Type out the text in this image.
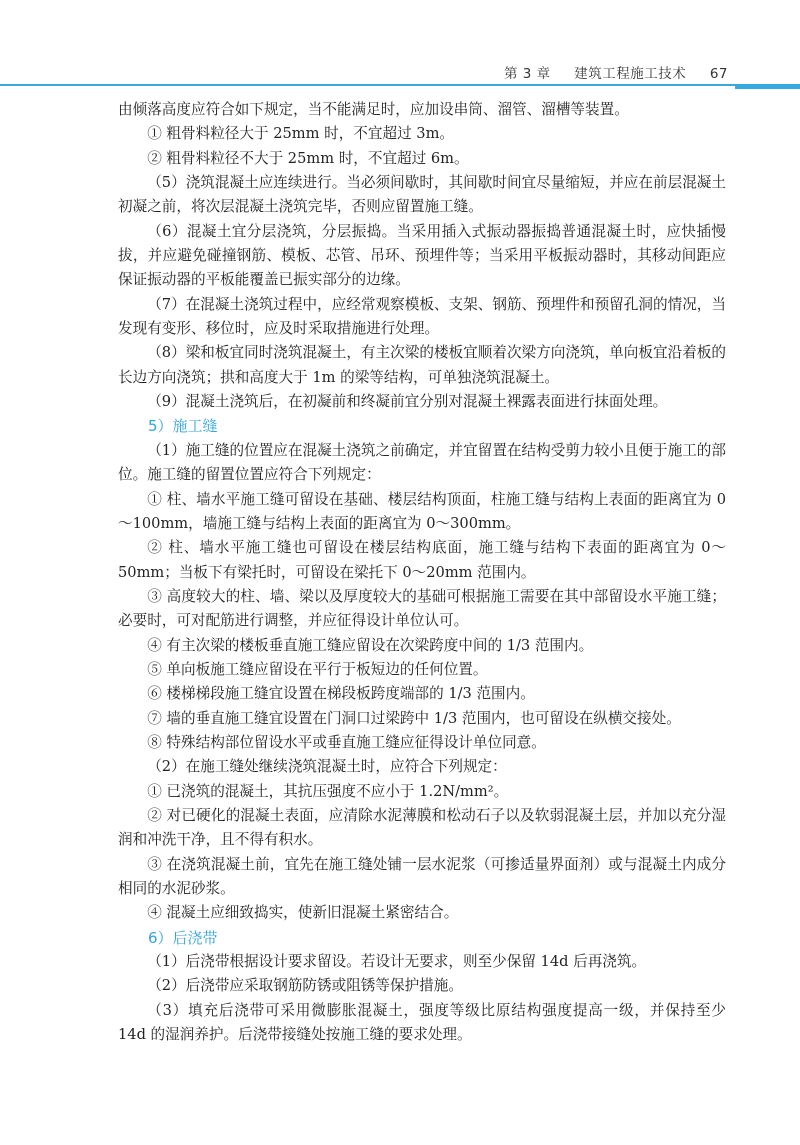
第 3 章 建筑工程施工技术 67

由倾落高度应符合如下规定，当不能满足时，应加设串筒、溜管、溜槽等装置。

① 粗骨料粒径大于 25mm 时，不宜超过 3m。

② 粗骨料粒径不大于 25mm 时，不宜超过 6m。

（5）浇筑混凝土应连续进行。当必须间歇时，其间歇时间宜尽量缩短，并应在前层混凝土初凝之前，将次层混凝土浇筑完毕，否则应留置施工缝。

（6）混凝土宜分层浇筑，分层振捣。当采用插入式振动器振捣普通混凝土时，应快插慢拔，并应避免碰撞钢筋、模板、芯管、吊环、预埋件等；当采用平板振动器时，其移动间距应保证振动器的平板能覆盖已振实部分的边缘。

（7）在混凝土浇筑过程中，应经常观察模板、支架、钢筋、预埋件和预留孔洞的情况，当发现有变形、移位时，应及时采取措施进行处理。

（8）梁和板宜同时浇筑混凝土，有主次梁的楼板宜顺着次梁方向浇筑，单向板宜沿着板的长边方向浇筑；拱和高度大于 1m 的梁等结构，可单独浇筑混凝土。

（9）混凝土浇筑后，在初凝前和终凝前宜分别对混凝土裸露表面进行抹面处理。

5）施工缝

（1）施工缝的位置应在混凝土浇筑之前确定，并宜留置在结构受剪力较小且便于施工的部位。施工缝的留置位置应符合下列规定：

① 柱、墙水平施工缝可留设在基础、楼层结构顶面，柱施工缝与结构上表面的距离宜为 0～100mm，墙施工缝与结构上表面的距离宜为 0～300mm。

② 柱、墙水平施工缝也可留设在楼层结构底面，施工缝与结构下表面的距离宜为 0～50mm；当板下有梁托时，可留设在梁托下 0～20mm 范围内。

③ 高度较大的柱、墙、梁以及厚度较大的基础可根据施工需要在其中部留设水平施工缝；必要时，可对配筋进行调整，并应征得设计单位认可。

④ 有主次梁的楼板垂直施工缝应留设在次梁跨度中间的 1/3 范围内。

⑤ 单向板施工缝应留设在平行于板短边的任何位置。

⑥ 楼梯梯段施工缝宜设置在梯段板跨度端部的 1/3 范围内。

⑦ 墙的垂直施工缝宜设置在门洞口过梁跨中 1/3 范围内，也可留设在纵横交接处。

⑧ 特殊结构部位留设水平或垂直施工缝应征得设计单位同意。

（2）在施工缝处继续浇筑混凝土时，应符合下列规定：

① 已浇筑的混凝土，其抗压强度不应小于 1.2N/mm²。

② 对已硬化的混凝土表面，应清除水泥薄膜和松动石子以及软弱混凝土层，并加以充分湿润和冲洗干净，且不得有积水。

③ 在浇筑混凝土前，宜先在施工缝处铺一层水泥浆（可掺适量界面剂）或与混凝土内成分相同的水泥砂浆。

④ 混凝土应细致捣实，使新旧混凝土紧密结合。

6）后浇带

（1）后浇带根据设计要求留设。若设计无要求，则至少保留 14d 后再浇筑。

（2）后浇带应采取钢筋防锈或阻锈等保护措施。

（3）填充后浇带可采用微膨胀混凝土，强度等级比原结构强度提高一级，并保持至少 14d 的湿润养护。后浇带接缝处按施工缝的要求处理。
